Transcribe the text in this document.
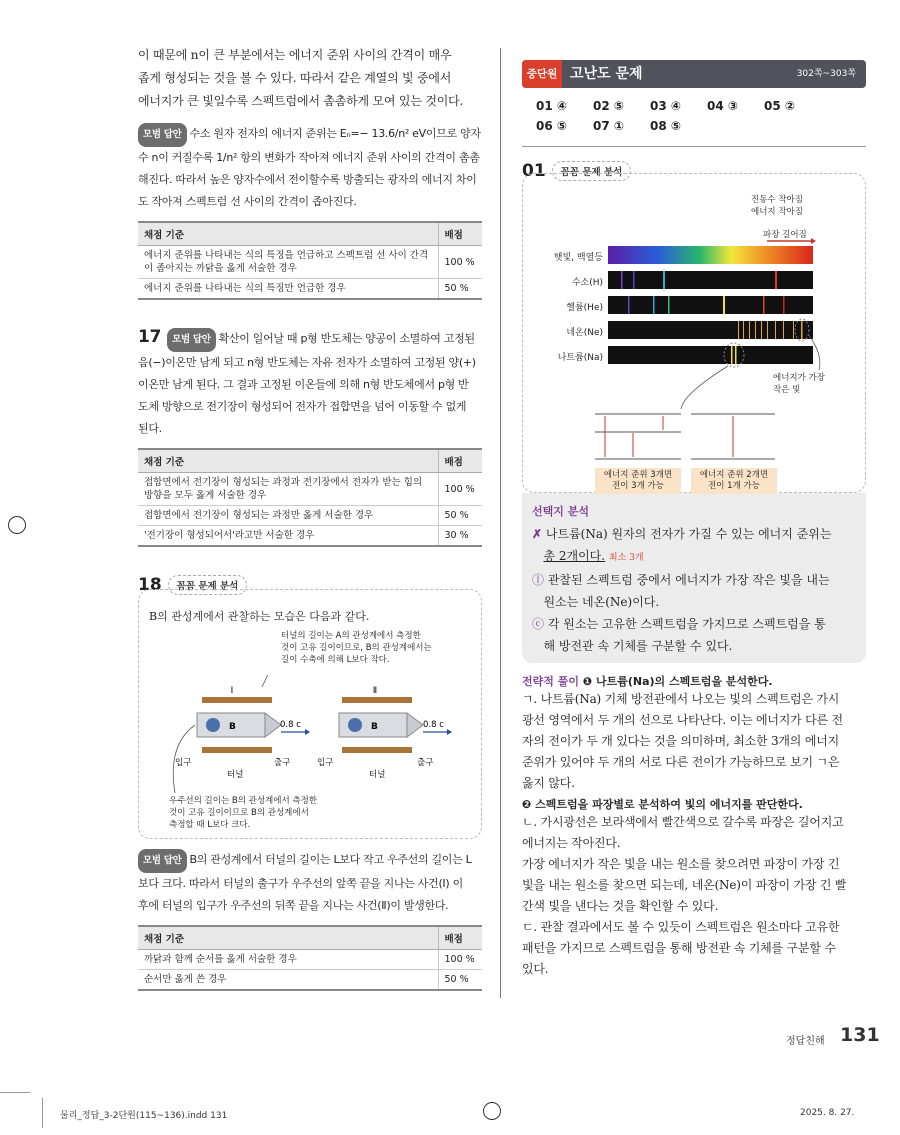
이 때문에 n이 큰 부분에서는 에너지 준위 사이의 간격이 매우
좁게 형성되는 것을 볼 수 있다. 따라서 같은 계열의 빛 중에서
에너지가 큰 빛일수록 스펙트럼에서 촘촘하게 모여 있는 것이다.

모범 답안 수소 원자 전자의 에너지 준위는 Eₙ=− 13.6/n² eV이므로 양자
수 n이 커질수록 1/n² 항의 변화가 작아져 에너지 준위 사이의 간격이 촘촘
해진다. 따라서 높은 양자수에서 전이할수록 방출되는 광자의 에너지 차이
도 작아져 스펙트럼 선 사이의 간격이 좁아진다.

채점 기준	배점
에너지 준위를 나타내는 식의 특징을 언급하고 스펙트럼 선 사이 간격이 좁아지는 까닭을 옳게 서술한 경우	100 %
에너지 준위를 나타내는 식의 특징만 언급한 경우	50 %

17 모범 답안 확산이 일어날 때 p형 반도체는 양공이 소멸하여 고정된
음(−)이온만 남게 되고 n형 반도체는 자유 전자가 소멸하여 고정된 양(+)
이온만 남게 된다. 그 결과 고정된 이온들에 의해 n형 반도체에서 p형 반
도체 방향으로 전기장이 형성되어 전자가 접합면을 넘어 이동할 수 없게
된다.

채점 기준	배점
접합면에서 전기장이 형성되는 과정과 전기장에서 전자가 받는 힘의 방향을 모두 옳게 서술한 경우	100 %
접합면에서 전기장이 형성되는 과정만 옳게 서술한 경우	50 %
'전기장이 형성되어서'라고만 서술한 경우	30 %
18	꼼꼼 문제 분석
B의 관성계에서 관찰하는 모습은 다음과 같다.
터널의 길이는 A의 관성계에서 측정한
것이 고유 길이이므로, B의 관성계에서는
길이 수축에 의해 L보다 작다.
Ⅰ	Ⅱ
B	B
0.8 c	0.8 c
입구	출구
터널
입구	출구
터널
우주선의 길이는 B의 관성계에서 측정한
것이 고유 길이이므로 B의 관성계에서
측정할 때 L보다 크다.

모범 답안 B의 관성계에서 터널의 길이는 L보다 작고 우주선의 길이는 L
보다 크다. 따라서 터널의 출구가 우주선의 앞쪽 끝을 지나는 사건(Ⅰ) 이
후에 터널의 입구가 우주선의 뒤쪽 끝을 지나는 사건(Ⅱ)이 발생한다.

채점 기준	배점
까닭과 함께 순서를 옳게 서술한 경우	100 %
순서만 옳게 쓴 경우	50 %
중단원 고난도 문제	302쪽~303쪽
01 ④	02 ⑤	03 ④	04 ③	05 ②
06 ⑤	07 ①	08 ⑤
01	꼼꼼 문제 분석
진동수 작아짐
에너지 작아짐
파장 길어짐
햇빛, 백열등
수소(H)
헬륨(He)
네온(Ne)
나트륨(Na)
에너지가 가장
작은 빛
에너지 준위 3개면
전이 3개 가능
에너지 준위 2개면
전이 1개 가능
선택지 분석
✗ 나트륨(Na) 원자의 전자가 가질 수 있는 에너지 준위는
총 2개이다. 최소 3개
ⓛ 관찰된 스펙트럼 중에서 에너지가 가장 작은 빛을 내는
원소는 네온(Ne)이다.
ⓒ 각 원소는 고유한 스펙트럼을 가지므로 스펙트럼을 통
해 방전관 속 기체를 구분할 수 있다.
전략적 풀이 ❶ 나트륨(Na)의 스펙트럼을 분석한다.

ㄱ. 나트륨(Na) 기체 방전관에서 나오는 빛의 스펙트럼은 가시
광선 영역에서 두 개의 선으로 나타난다. 이는 에너지가 다른 전
자의 전이가 두 개 있다는 것을 의미하며, 최소한 3개의 에너지
준위가 있어야 두 개의 서로 다른 전이가 가능하므로 보기 ㄱ은
옳지 않다.

❷ 스펙트럼을 파장별로 분석하여 빛의 에너지를 판단한다.

ㄴ. 가시광선은 보라색에서 빨간색으로 갈수록 파장은 길어지고
에너지는 작아진다.
가장 에너지가 작은 빛을 내는 원소를 찾으려면 파장이 가장 긴
빛을 내는 원소를 찾으면 되는데, 네온(Ne)이 파장이 가장 긴 빨
간색 빛을 낸다는 것을 확인할 수 있다.
ㄷ. 관찰 결과에서도 볼 수 있듯이 스펙트럼은 원소마다 고유한
패턴을 가지므로 스펙트럼을 통해 방전관 속 기체를 구분할 수
있다.

정답친해 131
물리_정답_3-2단원(115~136).indd 131	2025. 8. 27.
